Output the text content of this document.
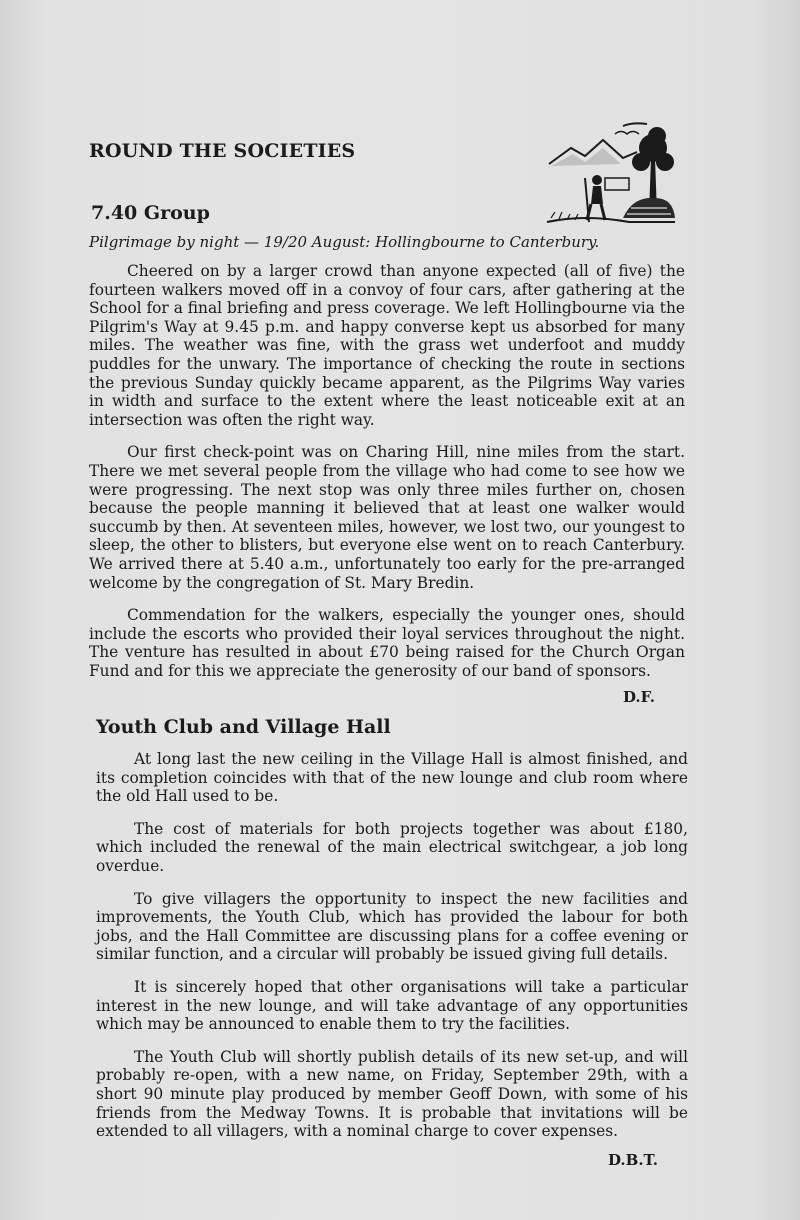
ROUND THE SOCIETIES
7.40 Group
Pilgrimage by night — 19/20 August: Hollingbourne to Canterbury.

Cheered on by a larger crowd than anyone expected (all of five) the fourteen walkers moved off in a convoy of four cars, after gathering at the School for a final briefing and press coverage. We left Hollingbourne via the Pilgrim's Way at 9.45 p.m. and happy converse kept us absorbed for many miles. The weather was fine, with the grass wet underfoot and muddy puddles for the unwary. The importance of checking the route in sections the previous Sunday quickly became apparent, as the Pilgrims Way varies in width and surface to the extent where the least noticeable exit at an intersection was often the right way.

Our first check-point was on Charing Hill, nine miles from the start. There we met several people from the village who had come to see how we were progressing. The next stop was only three miles further on, chosen because the people manning it believed that at least one walker would succumb by then. At seventeen miles, however, we lost two, our youngest to sleep, the other to blisters, but everyone else went on to reach Canterbury. We arrived there at 5.40 a.m., unfortunately too early for the pre-arranged welcome by the congregation of St. Mary Bredin.

Commendation for the walkers, especially the younger ones, should include the escorts who provided their loyal services throughout the night. The venture has resulted in about £70 being raised for the Church Organ Fund and for this we appreciate the generosity of our band of sponsors.

D.F.
Youth Club and Village Hall

At long last the new ceiling in the Village Hall is almost finished, and its completion coincides with that of the new lounge and club room where the old Hall used to be.

The cost of materials for both projects together was about £180, which included the renewal of the main electrical switchgear, a job long overdue.

To give villagers the opportunity to inspect the new facilities and improvements, the Youth Club, which has provided the labour for both jobs, and the Hall Committee are discussing plans for a coffee evening or similar function, and a circular will probably be issued giving full details.

It is sincerely hoped that other organisations will take a particular interest in the new lounge, and will take advantage of any opportunities which may be announced to enable them to try the facilities.

The Youth Club will shortly publish details of its new set-up, and will probably re-open, with a new name, on Friday, September 29th, with a short 90 minute play produced by member Geoff Down, with some of his friends from the Medway Towns. It is probable that invitations will be extended to all villagers, with a nominal charge to cover expenses.

D.B.T.
